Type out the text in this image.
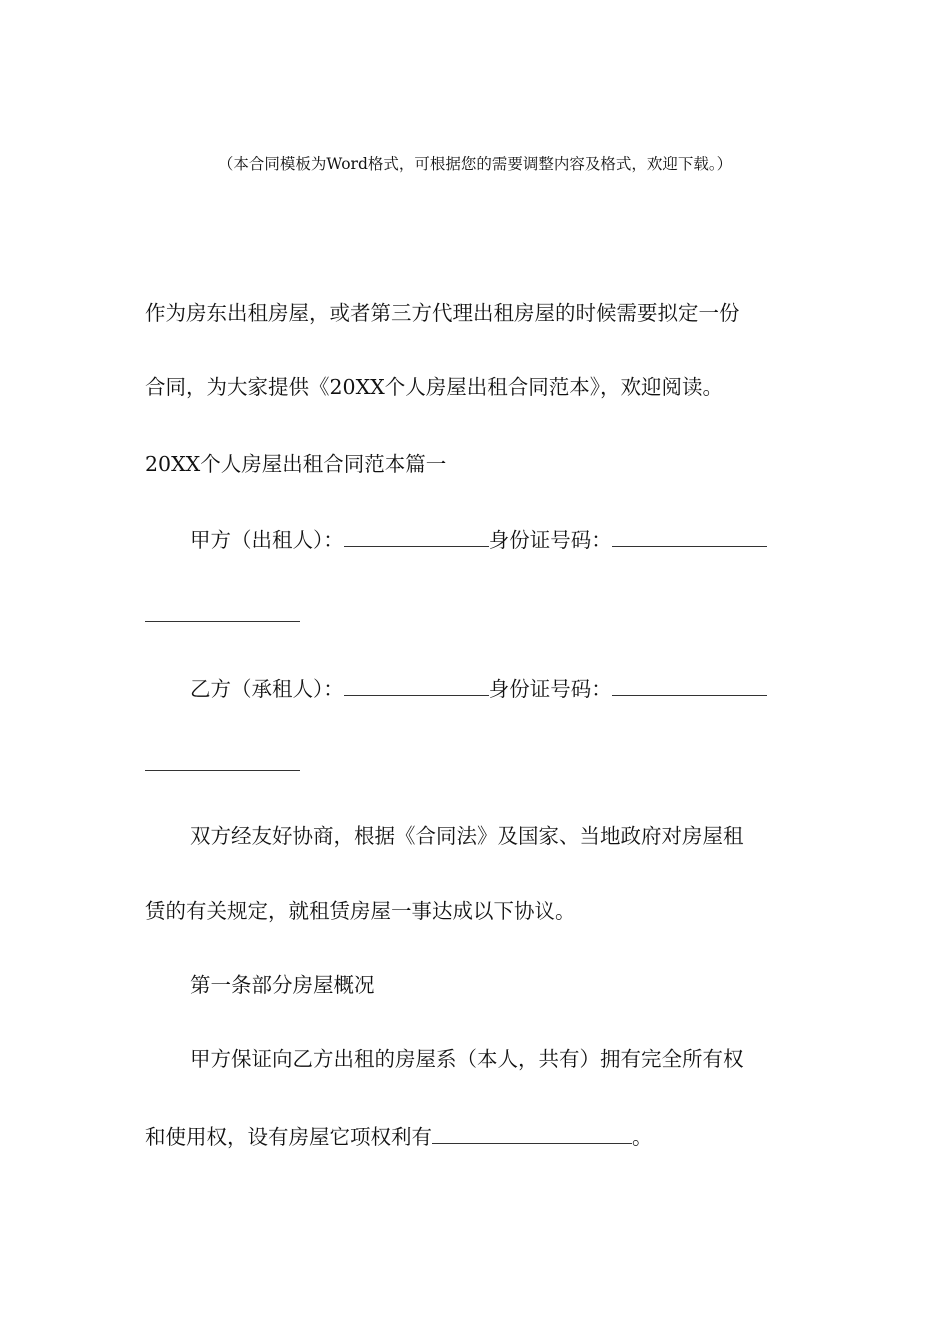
（本合同模板为Word格式，可根据您的需要调整内容及格式，欢迎下载。）
作为房东出租房屋，或者第三方代理出租房屋的时候需要拟定一份
合同，为大家提供《20XX个人房屋出租合同范本》，欢迎阅读。
20XX个人房屋出租合同范本篇一
甲方（出租人）：	身份证号码：
乙方（承租人）：	身份证号码：
双方经友好协商，根据《合同法》及国家、当地政府对房屋租
赁的有关规定，就租赁房屋一事达成以下协议。
第一条部分房屋概况
甲方保证向乙方出租的房屋系（本人，共有）拥有完全所有权
和使用权，设有房屋它项权利有	。
